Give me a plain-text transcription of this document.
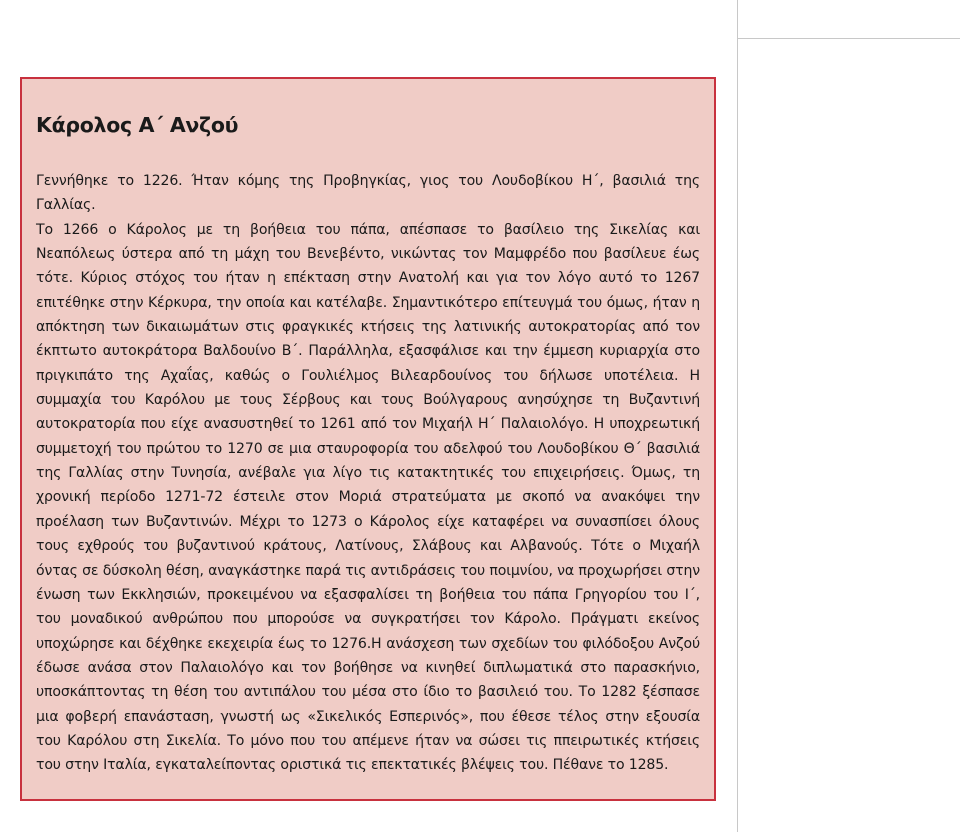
Κάρολος Α΄ Ανζού

Γεννήθηκε το 1226. Ήταν κόμης της Προβηγκίας, γιος του Λουδοβίκου Η΄, βασιλιά της Γαλλίας.

Το 1266 ο Κάρολος με τη βοήθεια του πάπα, απέσπασε το βασίλειο της Σικελίας και Νεαπόλεως ύστερα από τη μάχη του Βενεβέντο, νικώντας τον Μαμφρέδο που βασίλευε έως τότε. Κύριος στόχος του ήταν η επέκταση στην Ανατολή και για τον λόγο αυτό το 1267 επιτέθηκε στην Κέρκυρα, την οποία και κατέλαβε. Σημαντικότερο επίτευγμά του όμως, ήταν η απόκτηση των δικαιωμάτων στις φραγκικές κτήσεις της λατινικής αυτοκρατορίας από τον έκπτωτο αυτοκράτορα Βαλδουίνο Β΄. Παράλληλα, εξασφάλισε και την έμμεση κυριαρχία στο πριγκιπάτο της Αχαΐας, καθώς ο Γουλιέλμος Βιλεαρδουίνος του δήλωσε υποτέλεια. Η συμμαχία του Καρόλου με τους Σέρβους και τους Βούλγαρους ανησύχησε τη Βυζαντινή αυτοκρατορία που είχε ανασυστηθεί το 1261 από τον Μιχαήλ Η΄ Παλαιολόγο. Η υποχρεωτική συμμετοχή του πρώτου το 1270 σε μια σταυροφορία του αδελφού του Λουδοβίκου Θ΄ βασιλιά της Γαλλίας στην Τυνησία, ανέβαλε για λίγο τις κατακτητικές του επιχειρήσεις. Όμως, τη χρονική περίοδο 1271-72 έστειλε στον Μοριά στρατεύματα με σκοπό να ανακόψει την προέλαση των Βυζαντινών. Μέχρι το 1273 ο Κάρολος είχε καταφέρει να συνασπίσει όλους τους εχθρούς του βυζαντινού κράτους, Λατίνους, Σλάβους και Αλβανούς. Τότε ο Μιχαήλ όντας σε δύσκολη θέση, αναγκάστηκε παρά τις αντιδράσεις του ποιμνίου, να προχωρήσει στην ένωση των Εκκλησιών, προκειμένου να εξασφαλίσει τη βοήθεια του πάπα Γρηγορίου του Ι΄, του μοναδικού ανθρώπου που μπορούσε να συγκρατήσει τον Κάρολο. Πράγματι εκείνος υποχώρησε και δέχθηκε εκεχειρία έως το 1276.Η ανάσχεση των σχεδίων του φιλόδοξου Ανζού έδωσε ανάσα στον Παλαιολόγο και τον βοήθησε να κινηθεί διπλωματικά στο παρασκήνιο, υποσκάπτοντας τη θέση του αντιπάλου του μέσα στο ίδιο το βασιλειό του. Το 1282 ξέσπασε μια φοβερή επανάσταση, γνωστή ως «Σικελικός Εσπερινός», που έθεσε τέλος στην εξουσία του Καρόλου στη Σικελία. Το μόνο που του απέμενε ήταν να σώσει τις ππειρωτικές κτήσεις του στην Ιταλία, εγκαταλείποντας οριστικά τις επεκτατικές βλέψεις του. Πέθανε το 1285.
